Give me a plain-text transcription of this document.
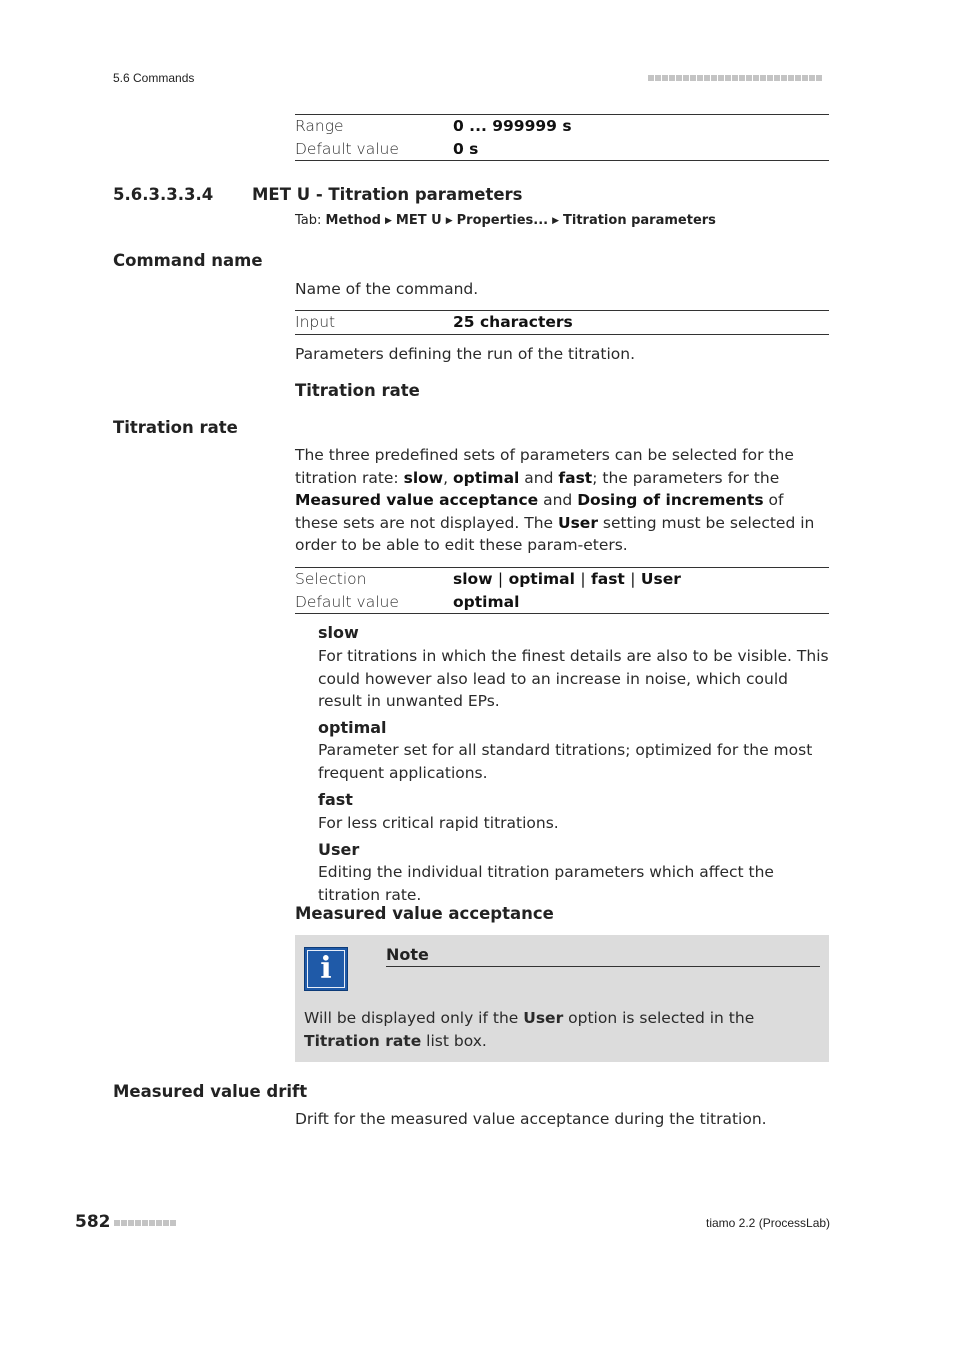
5.6 Commands
Range	0 ... 999999 s
Default value	0 s
5.6.3.3.3.4 MET U - Titration parameters
Tab: Method ▶ MET U ▶ Properties... ▶ Titration parameters
Command name
Name of the command.
Input	25 characters
Parameters defining the run of the titration.
Titration rate
Titration rate
The three predefined sets of parameters can be selected for the titration rate: slow, optimal and fast; the parameters for the Measured value acceptance and Dosing of increments of these sets are not displayed. The User setting must be selected in order to be able to edit these param-eters.
Selection	slow | optimal | fast | User
Default value	optimal
slow
For titrations in which the finest details are also to be visible. This could however also lead to an increase in noise, which could result in unwanted EPs.
optimal
Parameter set for all standard titrations; optimized for the most frequent applications.
fast
For less critical rapid titrations.
User
Editing the individual titration parameters which affect the titration rate.
Measured value acceptance
i	Note
Will be displayed only if the User option is selected in the Titration rate list box.
Measured value drift
Drift for the measured value acceptance during the titration.
582	tiamo 2.2 (ProcessLab)
